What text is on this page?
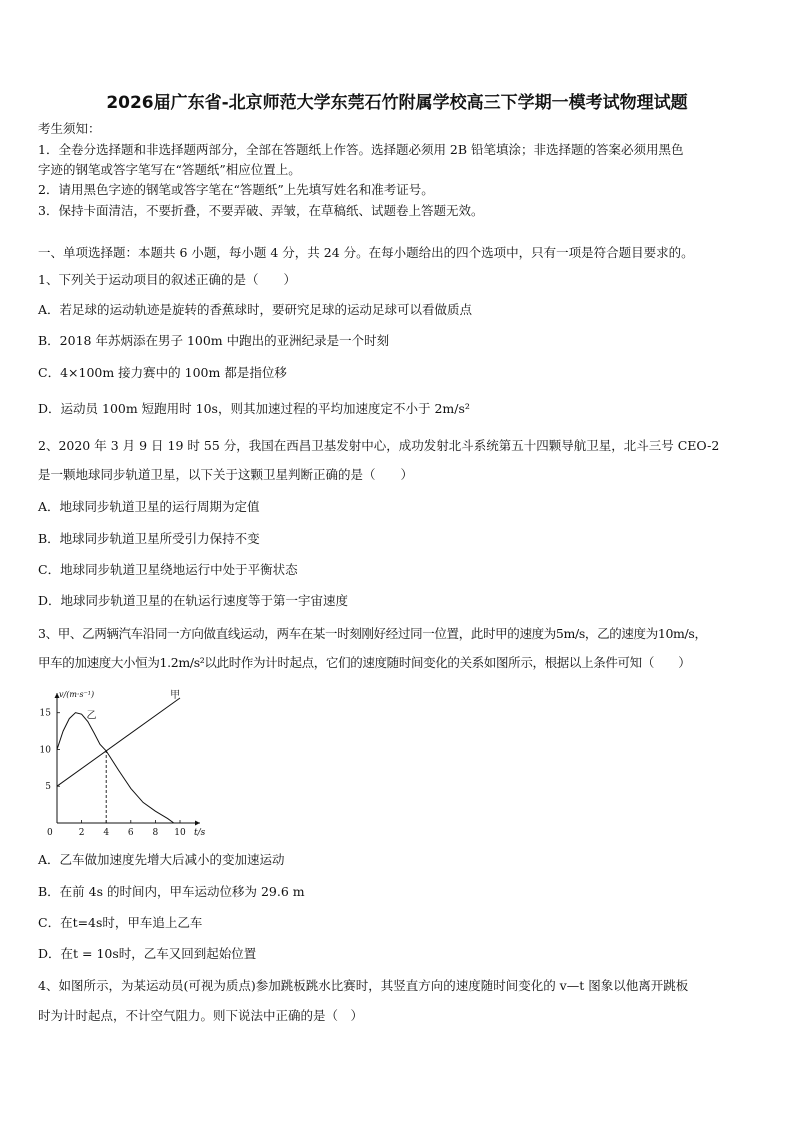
2026届广东省-北京师范大学东莞石竹附属学校高三下学期一模考试物理试题
考生须知：
1．全卷分选择题和非选择题两部分，全部在答题纸上作答。选择题必须用 2B 铅笔填涂；非选择题的答案必须用黑色
字迹的钢笔或答字笔写在“答题纸”相应位置上。
2．请用黑色字迹的钢笔或答字笔在“答题纸”上先填写姓名和准考证号。
3．保持卡面清洁，不要折叠，不要弄破、弄皱，在草稿纸、试题卷上答题无效。
一、单项选择题：本题共 6 小题，每小题 4 分，共 24 分。在每小题给出的四个选项中，只有一项是符合题目要求的。
1、下列关于运动项目的叙述正确的是（　　）
A．若足球的运动轨迹是旋转的香蕉球时，要研究足球的运动足球可以看做质点
B．2018 年苏炳添在男子 100m 中跑出的亚洲纪录是一个时刻
C．4×100m 接力赛中的 100m 都是指位移
D．运动员 100m 短跑用时 10s，则其加速过程的平均加速度定不小于 2m/s²
2、2020 年 3 月 9 日 19 时 55 分，我国在西昌卫基发射中心，成功发射北斗系统第五十四颗导航卫星，北斗三号 CEO-2
是一颗地球同步轨道卫星，以下关于这颗卫星判断正确的是（　　）
A．地球同步轨道卫星的运行周期为定值
B．地球同步轨道卫星所受引力保持不变
C．地球同步轨道卫星绕地运行中处于平衡状态
D．地球同步轨道卫星的在轨运行速度等于第一宇宙速度
3、甲、乙两辆汽车沿同一方向做直线运动，两车在某一时刻刚好经过同一位置，此时甲的速度为5m/s，乙的速度为10m/s，
甲车的加速度大小恒为1.2m/s²以此时作为计时起点，它们的速度随时间变化的关系如图所示，根据以上条件可知（　　）
v/(m·s⁻¹)
t/s
0	2 4 6 8 10
5
10
15
甲
乙
A．乙车做加速度先增大后减小的变加速运动
B．在前 4s 的时间内，甲车运动位移为 29.6 m
C．在t=4s时，甲车追上乙车
D．在t = 10s时，乙车又回到起始位置
4、如图所示，为某运动员(可视为质点)参加跳板跳水比赛时，其竖直方向的速度随时间变化的 v—t 图象以他离开跳板
时为计时起点，不计空气阻力。则下说法中正确的是（　）
